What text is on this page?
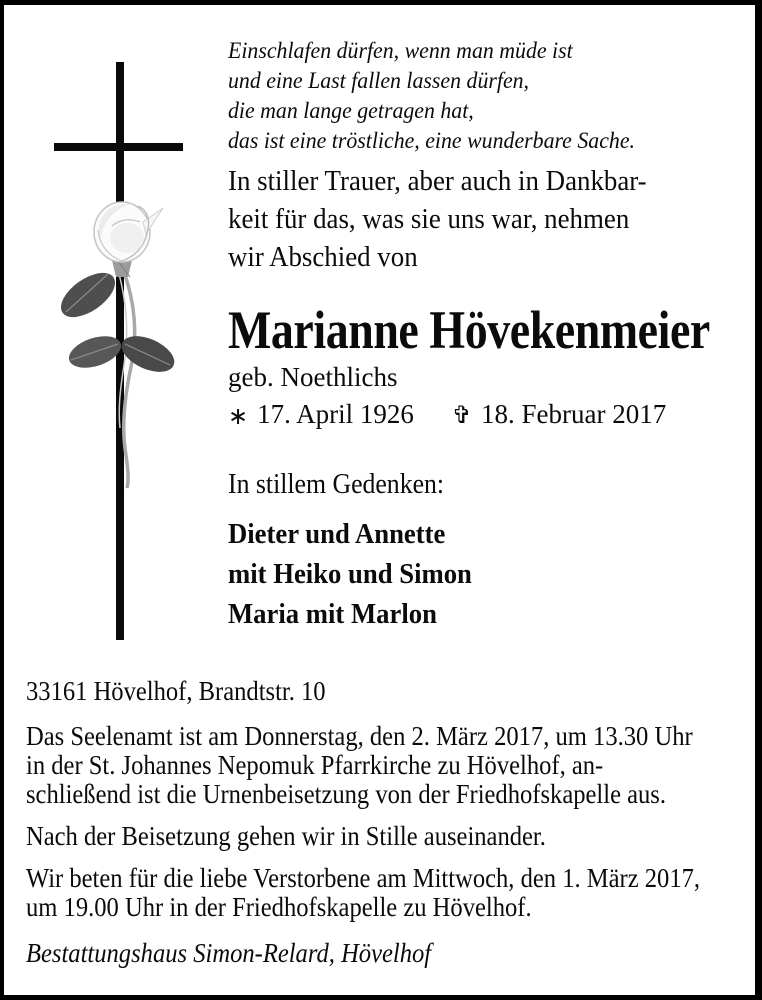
Einschlafen dürfen, wenn man müde ist
und eine Last fallen lassen dürfen,
die man lange getragen hat,
das ist eine tröstliche, eine wunderbare Sache.
In stiller Trauer, aber auch in Dankbar-
keit für das, was sie uns war, nehmen
wir Abschied von
Marianne Hövekenmeier
geb. Noethlichs
∗ 17. April 1926 ✞ 18. Februar 2017
In stillem Gedenken:
Dieter und Annette
mit Heiko und Simon
Maria mit Marlon
33161 Hövelhof, Brandtstr. 10
Das Seelenamt ist am Donnerstag, den 2. März 2017, um 13.30 Uhr
in der St. Johannes Nepomuk Pfarrkirche zu Hövelhof, an-
schließend ist die Urnenbeisetzung von der Friedhofskapelle aus.
Nach der Beisetzung gehen wir in Stille auseinander.
Wir beten für die liebe Verstorbene am Mittwoch, den 1. März 2017,
um 19.00 Uhr in der Friedhofskapelle zu Hövelhof.
Bestattungshaus Simon-Relard, Hövelhof
